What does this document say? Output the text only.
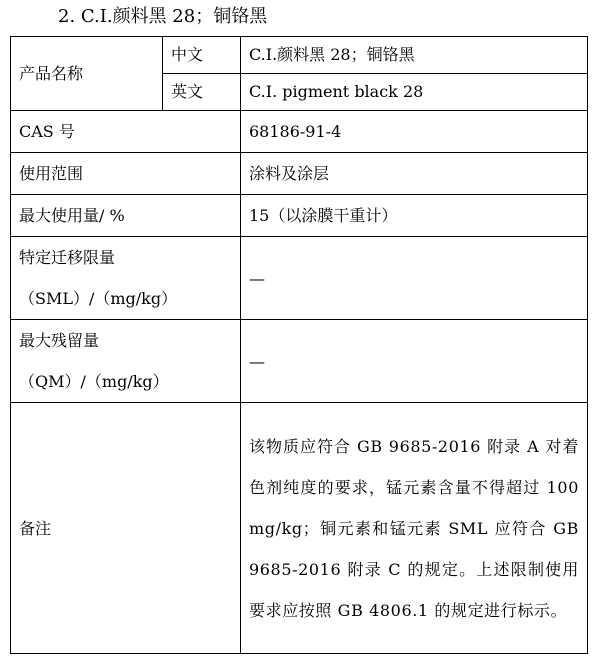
2. C.I.颜料黑 28；铜铬黑
产品名称	中文	C.I.颜料黑 28；铜铬黑
	英文	C.I. pigment black 28
CAS 号		68186-91-4
使用范围		涂料及涂层
最大使用量/ %		15（以涂膜干重计）

特定迁移限量
（SML）/（mg/kg）		—

最大残留量
（QM）/（mg/kg）		—
备注		该物质应符合 GB 9685-2016 附录 A 对着色剂纯度的要求，锰元素含量不得超过 100 mg/kg；铜元素和锰元素 SML 应符合 GB 9685-2016 附录 C 的规定。上述限制使用要求应按照 GB 4806.1 的规定进行标示。
